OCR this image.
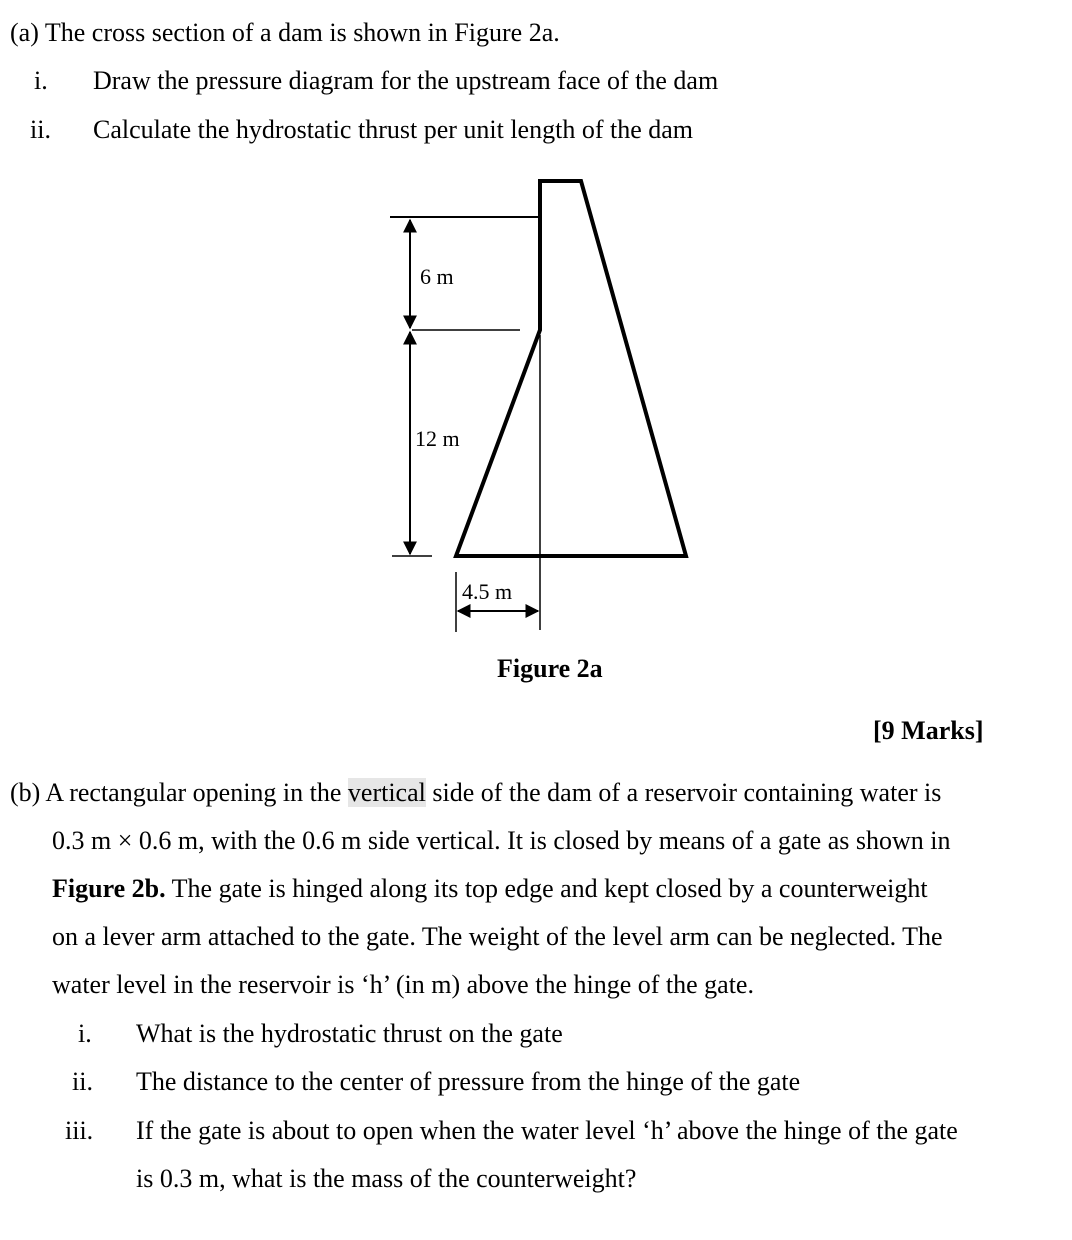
(a) The cross section of a dam is shown in Figure 2a.
i. Draw the pressure diagram for the upstream face of the dam
ii. Calculate the hydrostatic thrust per unit length of the dam
6 m
12 m
4.5 m
Figure 2a
[9 Marks]
(b) A rectangular opening in the vertical side of the dam of a reservoir containing water is
0.3 m × 0.6 m, with the 0.6 m side vertical. It is closed by means of a gate as shown in
Figure 2b. The gate is hinged along its top edge and kept closed by a counterweight
on a lever arm attached to the gate. The weight of the level arm can be neglected. The
water level in the reservoir is ‘h’ (in m) above the hinge of the gate.
i. What is the hydrostatic thrust on the gate
ii. The distance to the center of pressure from the hinge of the gate
iii. If the gate is about to open when the water level ‘h’ above the hinge of the gate
is 0.3 m, what is the mass of the counterweight?
